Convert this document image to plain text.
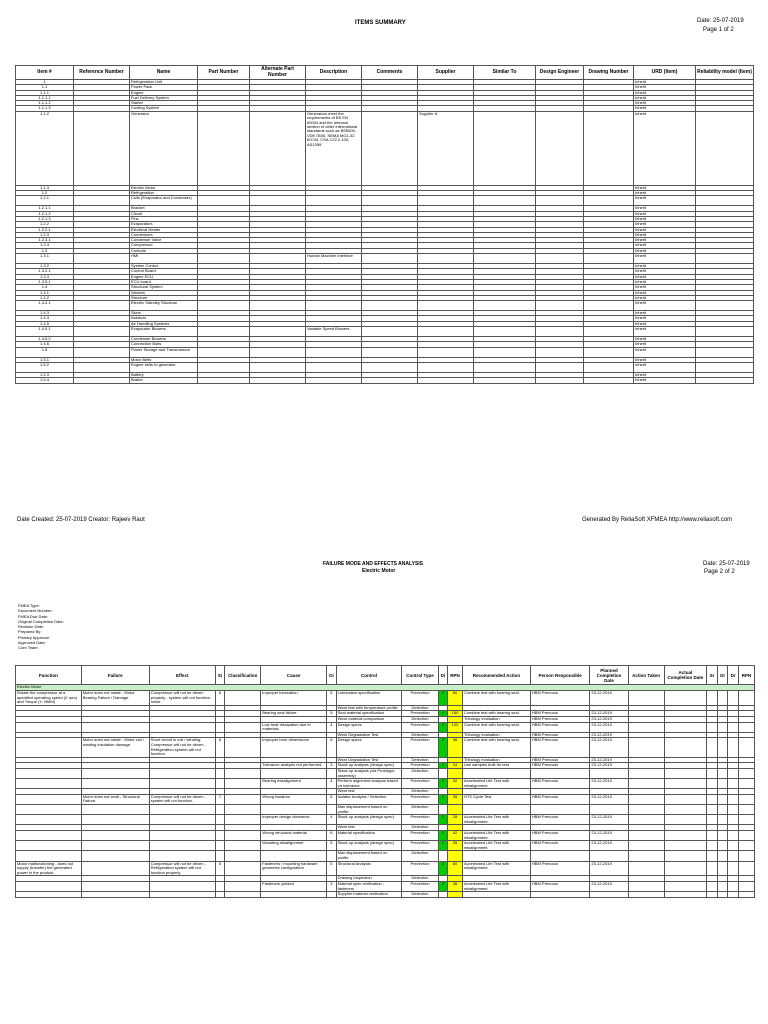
ITEMS SUMMARY	Date: 25-07-2019
Page 1 of 2
Item #	Reference Number	Name	Part Number	Alternate Part Number	Description	Comments	Supplier	Similar To	Design Engineer	Drawing Number	URD (Item)	Reliability model (Item)
1		Refrigeration Unit									Inherit	
1.1		Power Pack									Inherit	
1.1.1		Engine									Inherit	
1.1.1.1		Fuel Delivery System									Inherit	
1.1.1.2		Starter									Inherit	
1.1.1.3		Cooling System									Inherit	
1.1.2		Generator			Generators meet the requirements of BS EN 60034 and the relevant section of other international standards such as BS5000, VDE 0530, NEMA MG1-32, IEC34, CSA C22.2-100, AS1359.		Supplier A				Inherit	
1.1.3		Electric Motor									Inherit	
1.2		Refrigeration									Inherit	
1.2.1		Coils (Evaporator and Condenser)									Inherit	
1.2.1.1		Bracket									Inherit	
1.2.1.2		Circuit									Inherit	
1.2.1.3		Fins									Inherit	
1.2.2		Evaporators									Inherit	
1.2.2.1		Electrical Heater									Inherit	
1.2.3		Condensors									Inherit	
1.2.3.1		Condenser Valve									Inherit	
1.2.4		Compressor									Inherit	
1.3		Controls									Inherit	
1.3.1		HMI			Human Machine Interface						Inherit	
1.3.2		System Control									Inherit	
1.3.2.1		Control Board									Inherit	
1.3.3		Engine ECU									Inherit	
1.3.3.1		ECU board									Inherit	
1.4		Structural System									Inherit	
1.4.1		Struters									Inherit	
1.4.2		Structure									Inherit	
1.4.2.1		Electric Standby Structure									Inherit	
1.4.3		Skins									Inherit	
1.4.4		Isolators									Inherit	
1.4.5		Air Handling Systems									Inherit	
1.4.5.1		Evaporator Blowers			Variable Speed Blowers						Inherit	
1.4.5.2		Condenser Blowers									Inherit	
1.4.6		Connection Bolts									Inherit	
1.5		Power Storage and Transmission									Inherit	
1.5.1		Motor Belts									Inherit	
1.5.2		Engine belts to generator									Inherit	
1.5.3		Battery									Inherit	
1.5.4		Braker									Inherit	
Date Created: 25-07-2019 Creator: Rajeev Raut	Generated By ReliaSoft XFMEA http://www.reliasoft.com
FAILURE MODE AND EFFECTS ANALYSIS
Electric Motor
Date: 25-07-2019
Page 2 of 2
FMEA Type:
Document Number:
FMEA Due Date:
Original Completion Date:
Revision Date:
Prepared By:
Primary Approval:
Approved Date:
Core Team:
Function	Failure	Effect	Si	Classification	Cause	Oi	Control	Control Type	Di	RPN	Recommended Action	Person Responsible	Planned Completion Date	Action Taken	Actual Completion Date	Sr	Or	Dr	RPN
Electric Motor																			
Rotate the compressor at a specified operating speed (X rpm) and Torque (Y- NMM)	Motor does not rotate - Motor Bearing Failure / Damage.	Compressor will not be driven properly - system will not function, noise.	6		Improper lubrication	5	Lubrication specification	Prevention	2	60	Combine test with bearing seal.	HBM Prenocia	23-12-2019						
							Wear test with temperature profile	Detection											
					Bearing seal failure	5	Seal material specification	Prevention	4	150	Combine test with bearing seal.	HBM Prenocia	23-12-2019						
							Wear material comparison	Detection			Tribology evaluation	HBM Prenocia	23-12-2019						
					Low heat dissipation due to materials.	4	Design specs	Prevention	3	120	Combine test with bearing seal.	HBM Prenocia	23-12-2019						
							Wear Degradation Test	Detection			Tribology evaluation	HBM Prenocia	23-12-2019						
	Motor does not rotate - Motor coil / winding insulation damage.	Short circuit in coil / winding; Compressor will not be driven - Refrigeration system will not function.	8		Improper bore dimensions	6	Design specs	Prevention	2	96	Combine test with bearing seal.	HBM Prenocia	23-12-2019						
							Wear Degradation Test	Detection			Tribology evaluation	HBM Prenocia	23-12-2019						
					Tolerance analysis not performed.	3	Stack up analysis (design spec)	Prevention	1	24	Use samples built for test	HBM Prenocia	23-12-2019						
							Stack up analysis (via Prototype assembly)	Detection											
					Bearing misalignment	4	Perform alignment analysis based on tolerance.	Prevention	2	32	Accelerated Life Test with misalignment.	HBM Prenocia	23-12-2019						
							Wear test	Detection											
	Motor does not work - Structural Failure.	Compressor will not be driven - system will not function.	7		Wrong isolators	5	Isolator Analysis / Selection	Prevention	1	35	HTS Cycle Test	HBM Prenocia	23-12-2019						
							Max displacement based on profile.	Detection											
					Improper design clearance	4	Stack up analysis (design spec)	Prevention	1	28	Accelerated Life Test with misalignment.	HBM Prenocia	23-12-2019						
							Wear test	Detection											
					Wrong structural material	6	Material specification	Prevention	1	42	Accelerated Life Test with misalignment.	HBM Prenocia	23-12-2019						
					Mounting misalignment	5	Stack up analysis (design spec)	Prevention	1	35	Accelerated Life Test with misalignment.	HBM Prenocia	23-12-2019						
							Max displacement based on profile.	Detection											
Motor malfunctioning - does not supply (transfer) the generated power in the product.		Compressor will not be driven - Refrigeration system will not function properly.	6		Fasteners / mounting hardware geometric configuration	5	Structural Analysis	Prevention	2	60	Accelerated Life Test with misalignment.	HBM Prenocia	23-12-2019						
							Drawing Inspection	Detection											
					Fasteners yielded	3	Material spec verification - fasteners	Prevention	2	36	Accelerated Life Test with misalignment.	HBM Prenocia	23-12-2019						
							Supplier material verification	Detection											
